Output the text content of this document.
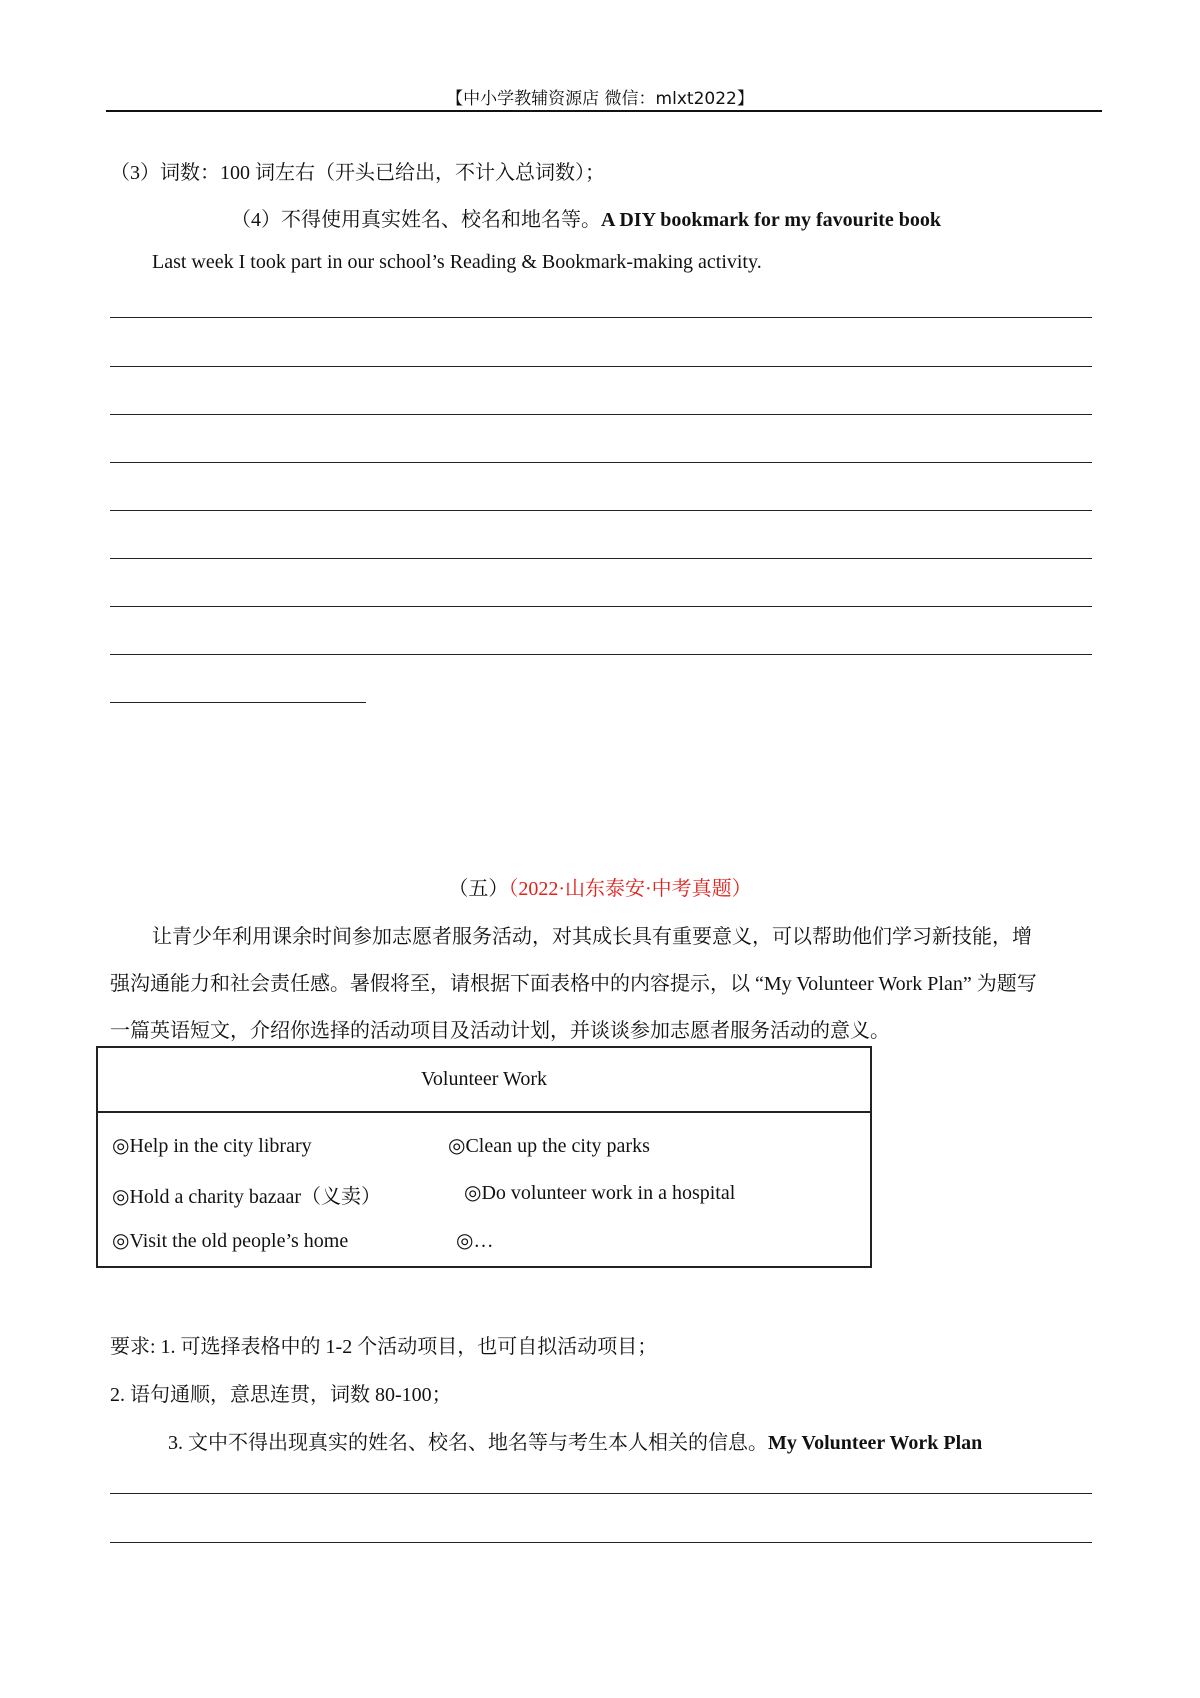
【中小学教辅资源店 微信：mlxt2022】
（3）词数：100 词左右（开头已给出，不计入总词数）；
（4）不得使用真实姓名、校名和地名等。A DIY bookmark for my favourite book
Last week I took part in our school’s Reading & Bookmark-making activity.
（五）（2022·山东泰安·中考真题）
让青少年利用课余时间参加志愿者服务活动，对其成长具有重要意义，可以帮助他们学习新技能，增
强沟通能力和社会责任感。暑假将至，请根据下面表格中的内容提示，以 “My Volunteer Work Plan” 为题写
一篇英语短文，介绍你选择的活动项目及活动计划，并谈谈参加志愿者服务活动的意义。
Volunteer Work
◎Help in the city library	◎Clean up the city parks
◎Hold a charity bazaar（义卖）	◎Do volunteer work in a hospital
◎Visit the old people’s home	◎…
要求: 1. 可选择表格中的 1-2 个活动项目，也可自拟活动项目；
2. 语句通顺，意思连贯，词数 80-100；
3. 文中不得出现真实的姓名、校名、地名等与考生本人相关的信息。My Volunteer Work Plan
